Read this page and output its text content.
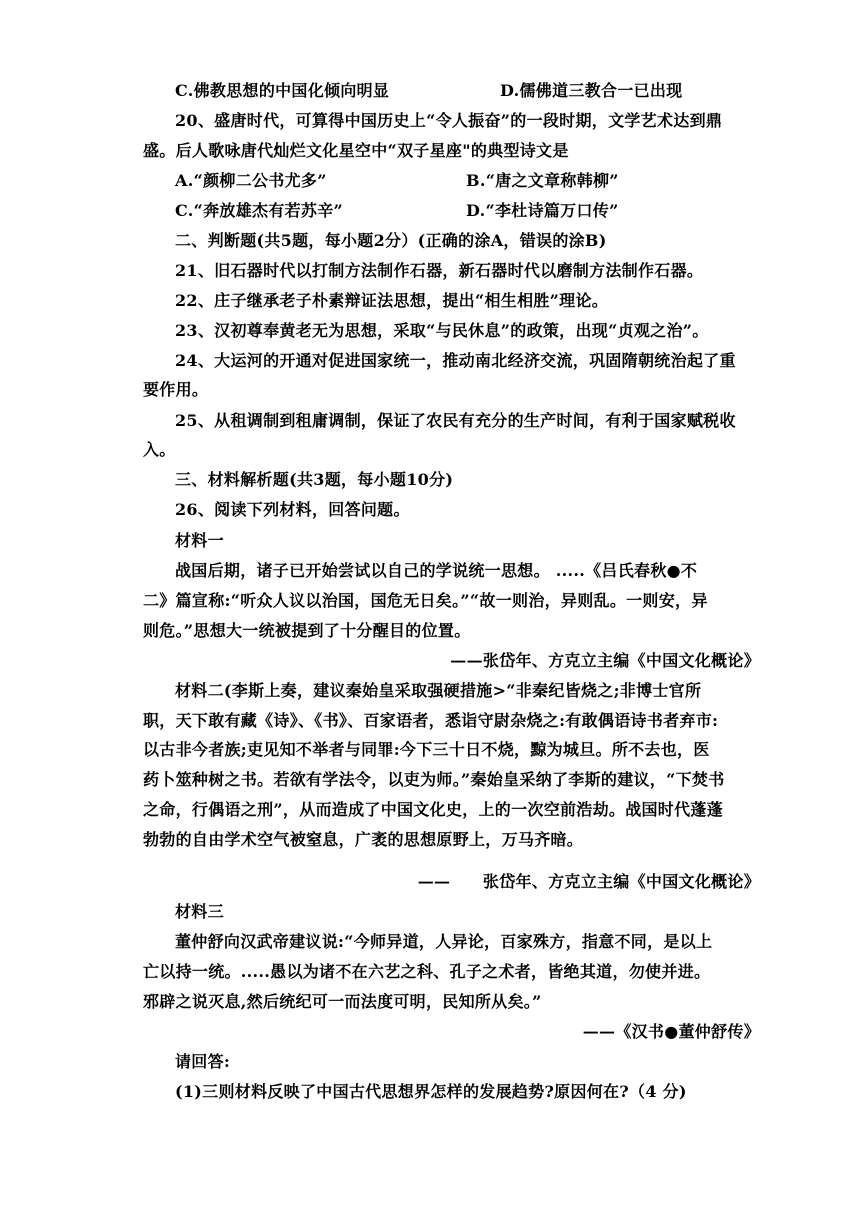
C.佛教思想的中国化倾向明显	D.儒佛道三教合一已出现
20、盛唐时代，可算得中国历史上“令人振奋”的一段时期，文学艺术达到鼎
盛。后人歌咏唐代灿烂文化星空中“双子星座"的典型诗文是
A.“颜柳二公书尤多”	B.“唐之文章称韩柳”
C.“奔放雄杰有若苏辛”	D.“李杜诗篇万口传”
二、判断题(共5题，每小题2分）(正确的涂A，错误的涂B)
21、旧石器时代以打制方法制作石器，新石器时代以磨制方法制作石器。
22、庄子继承老子朴素辩证法思想，提出“相生相胜”理论。
23、汉初尊奉黄老无为思想，采取“与民休息”的政策，出现“贞观之治”。
24、大运河的开通对促进国家统一，推动南北经济交流，巩固隋朝统治起了重
要作用。
25、从租调制到租庸调制，保证了农民有充分的生产时间，有利于国家赋税收
入。
三、材料解析题(共3题，每小题10分)
26、阅读下列材料，回答问题。
材料一
战国后期，诸子已开始尝试以自己的学说统一思想。 .....《吕氏春秋●不
二》篇宣称:“听众人议以治国，国危无日矣。”“故一则治，异则乱。一则安，异
则危。”思想大一统被提到了十分醒目的位置。
——张岱年、方克立主编《中国文化概论》
材料二(李斯上奏，建议秦始皇采取强硬措施>“非秦纪皆烧之;非博士官所
职，天下敢有藏《诗》、《书》、百家语者，悉诣守尉杂烧之:有敢偶语诗书者弃市:
以古非今者族;吏见知不举者与同罪:今下三十日不烧，黥为城旦。所不去也，医
药卜筮种树之书。若欲有学法令，以吏为师。”秦始皇采纳了李斯的建议，“下焚书
之命，行偶语之刑”，从而造成了中国文化史，上的一次空前浩劫。战国时代蓬蓬
勃勃的自由学术空气被窒息，广袤的思想原野上，万马齐暗。
——　　张岱年、方克立主编《中国文化概论》
材料三
董仲舒向汉武帝建议说:“今师异道，人异论，百家殊方，指意不同，是以上
亡以持一统。.....愚以为诸不在六艺之科、孔子之术者，皆绝其道，勿使并进。
邪辟之说灭息,然后统纪可一而法度可明，民知所从矣。”
——《汉书●董仲舒传》
请回答:
(1)三则材料反映了中国古代思想界怎样的发展趋势?原因何在?（4 分)
